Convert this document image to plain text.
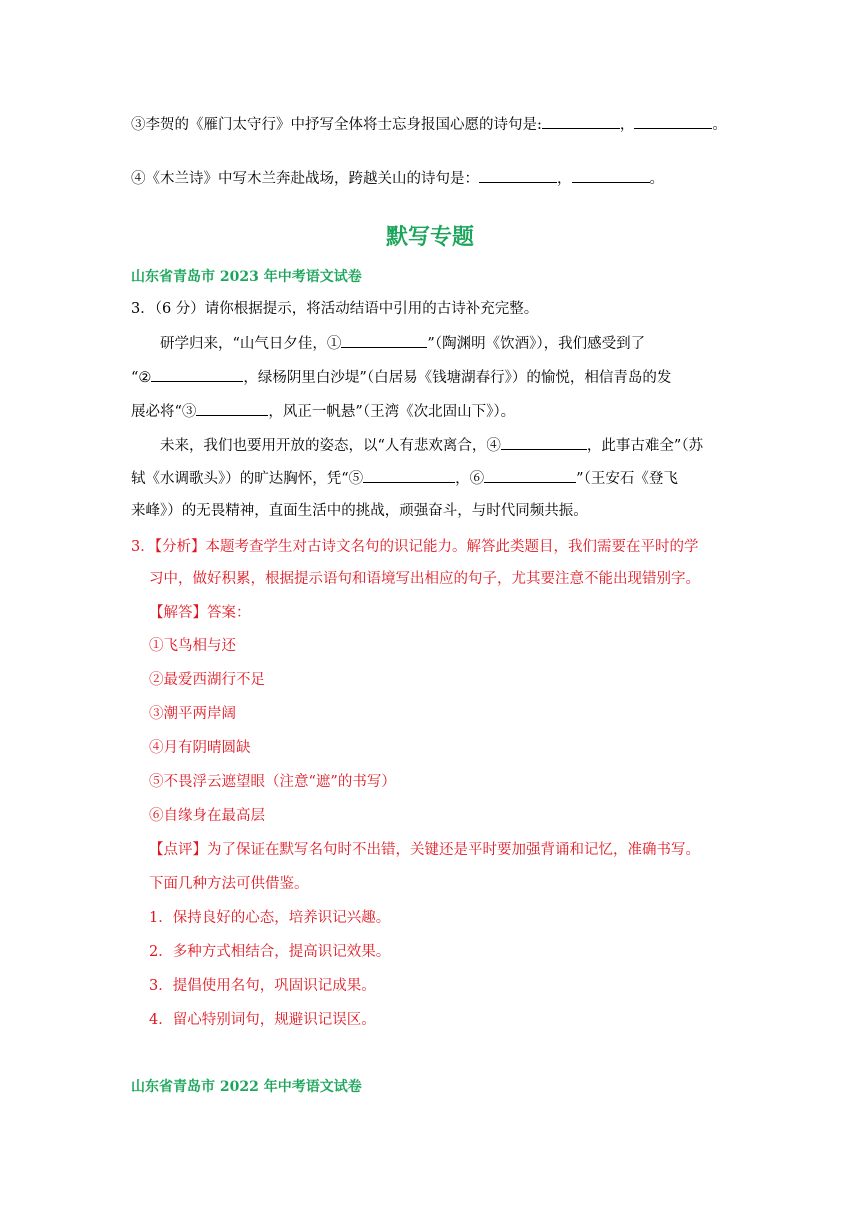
③李贺的《雁门太守行》中抒写全体将士忘身报国心愿的诗句是:	，	。
④《木兰诗》中写木兰奔赴战场，跨越关山的诗句是：	，	。
默写专题
山东省青岛市 2023 年中考语文试卷
3．（6 分）请你根据提示，将活动结语中引用的古诗补充完整。
研学归来，“山气日夕佳，①	”（陶渊明《饮酒》），我们感受到了
“②	，绿杨阴里白沙堤”（白居易《钱塘湖春行》）的愉悦，相信青岛的发
展必将“③	，风正一帆悬”（王湾《次北固山下》）。
未来，我们也要用开放的姿态，以“人有悲欢离合，④	，此事古难全”（苏
轼《水调歌头》）的旷达胸怀，凭“⑤	，⑥	”（王安石《登飞
来峰》）的无畏精神，直面生活中的挑战，顽强奋斗，与时代同频共振。
3．【分析】本题考查学生对古诗文名句的识记能力。解答此类题目，我们需要在平时的学
习中，做好积累，根据提示语句和语境写出相应的句子，尤其要注意不能出现错别字。
【解答】答案：
①飞鸟相与还
②最爱西湖行不足
③潮平两岸阔
④月有阴晴圆缺
⑤不畏浮云遮望眼（注意“遮”的书写）
⑥自缘身在最高层
【点评】为了保证在默写名句时不出错，关键还是平时要加强背诵和记忆，准确书写。
下面几种方法可供借鉴。
1．保持良好的心态，培养识记兴趣。
2．多种方式相结合，提高识记效果。
3．提倡使用名句，巩固识记成果。
4．留心特别词句，规避识记误区。
山东省青岛市 2022 年中考语文试卷
